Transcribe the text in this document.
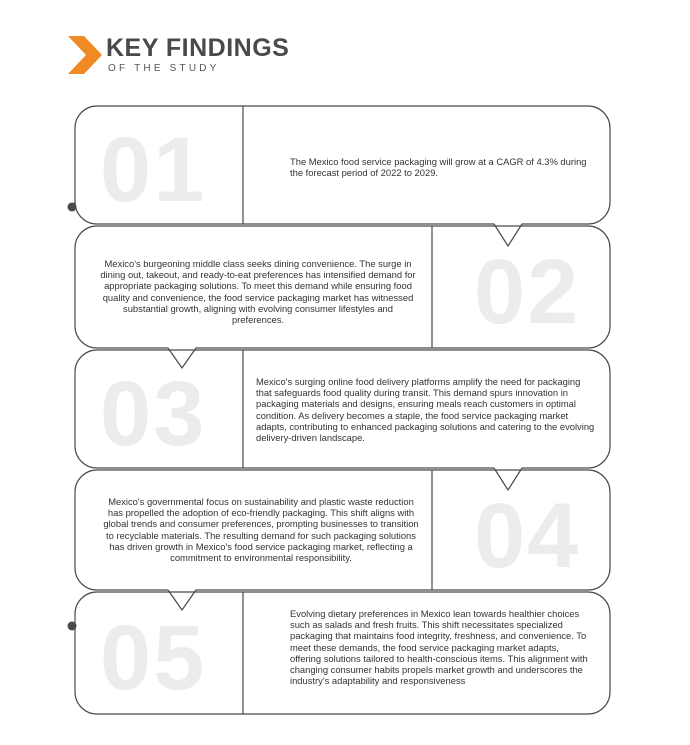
KEY FINDINGS
OF THE STUDY
01
02
03
04
05
The Mexico food service packaging will grow at a CAGR of 4.3% during the forecast period of 2022 to 2029.
Mexico's burgeoning middle class seeks dining convenience. The surge in dining out, takeout, and ready-to-eat preferences has intensified demand for appropriate packaging solutions. To meet this demand while ensuring food quality and convenience, the food service packaging market has witnessed substantial growth, aligning with evolving consumer lifestyles and preferences.
Mexico's surging online food delivery platforms amplify the need for packaging that safeguards food quality during transit. This demand spurs innovation in packaging materials and designs, ensuring meals reach customers in optimal condition. As delivery becomes a staple, the food service packaging market adapts, contributing to enhanced packaging solutions and catering to the evolving delivery-driven landscape.
Mexico's governmental focus on sustainability and plastic waste reduction has propelled the adoption of eco-friendly packaging. This shift aligns with global trends and consumer preferences, prompting businesses to transition to recyclable materials. The resulting demand for such packaging solutions has driven growth in Mexico's food service packaging market, reflecting a commitment to environmental responsibility.
Evolving dietary preferences in Mexico lean towards healthier choices such as salads and fresh fruits. This shift necessitates specialized packaging that maintains food integrity, freshness, and convenience. To meet these demands, the food service packaging market adapts, offering solutions tailored to health-conscious items. This alignment with changing consumer habits propels market growth and underscores the industry's adaptability and responsiveness
